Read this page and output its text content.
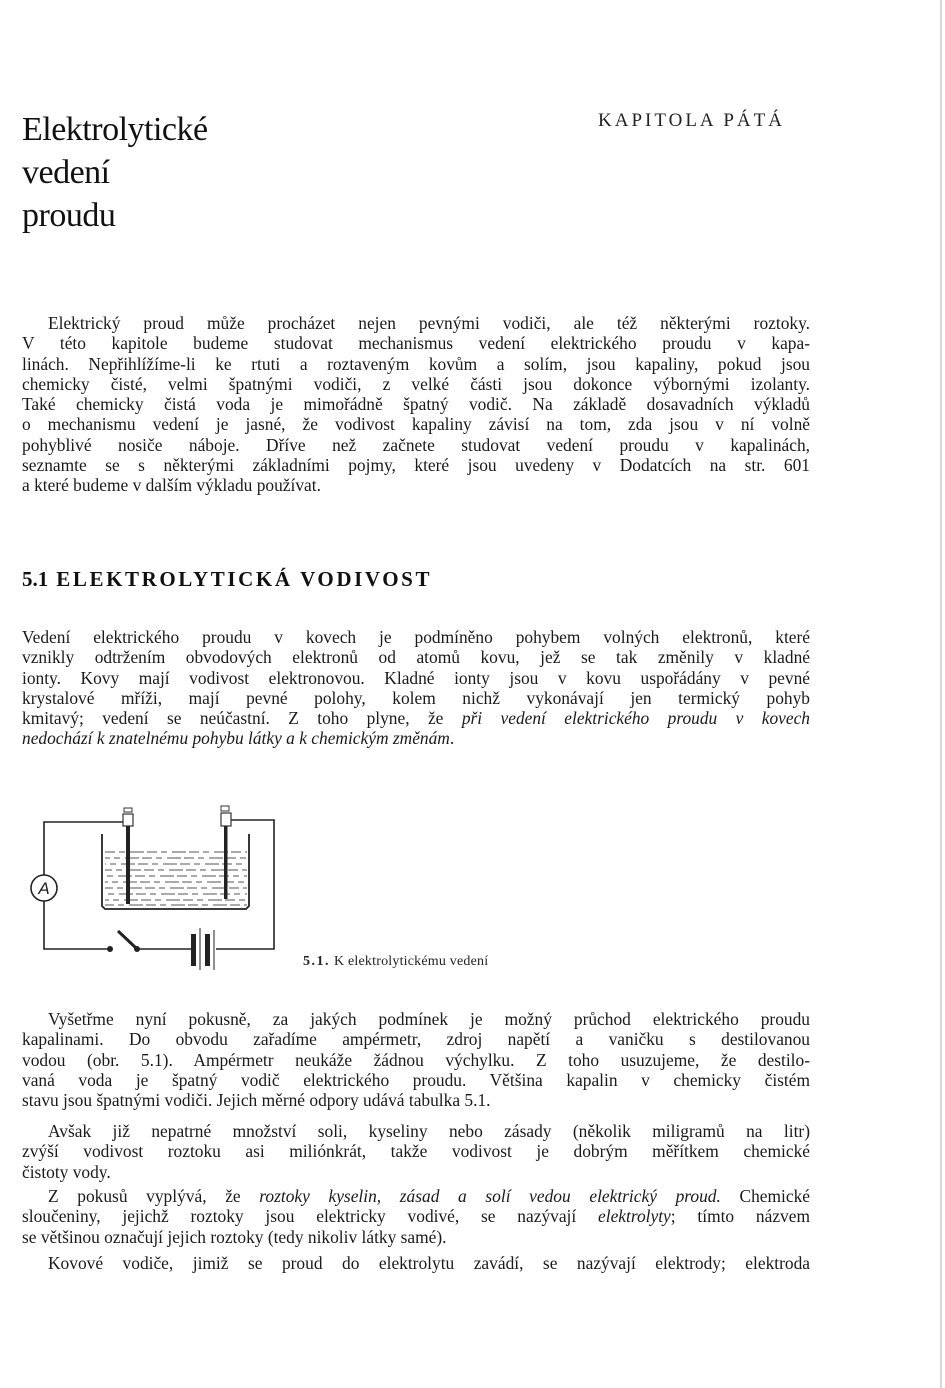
Elektrolytické
vedení
proudu
KAPITOLA PÁTÁ
Elektrický proud může procházet nejen pevnými vodiči, ale též některými roztoky.
V této kapitole budeme studovat mechanismus vedení elektrického proudu v kapa-
linách. Nepřihlížíme-li ke rtuti a roztaveným kovům a solím, jsou kapaliny, pokud jsou
chemicky čisté, velmi špatnými vodiči, z velké části jsou dokonce výbornými izolanty.
Také chemicky čistá voda je mimořádně špatný vodič. Na základě dosavadních výkladů
o mechanismu vedení je jasné, že vodivost kapaliny závisí na tom, zda jsou v ní volně
pohyblivé nosiče náboje. Dříve než začnete studovat vedení proudu v kapalinách,
seznamte se s některými základními pojmy, které jsou uvedeny v Dodatcích na str. 601
a které budeme v dalším výkladu používat.
5.1 ELEKTROLYTICKÁ VODIVOST
Vedení elektrického proudu v kovech je podmíněno pohybem volných elektronů, které
vznikly odtržením obvodových elektronů od atomů kovu, jež se tak změnily v kladné
ionty. Kovy mají vodivost elektronovou. Kladné ionty jsou v kovu uspořádány v pevné
krystalové mříži, mají pevné polohy, kolem nichž vykonávají jen termický pohyb
kmitavý; vedení se neúčastní. Z toho plyne, že při vedení elektrického proudu v kovech
nedochází k znatelnému pohybu látky a k chemickým změnám.
A
5.1. K elektrolytickému vedení
Vyšetřme nyní pokusně, za jakých podmínek je možný průchod elektrického proudu
kapalinami. Do obvodu zařadíme ampérmetr, zdroj napětí a vaničku s destilovanou
vodou (obr. 5.1). Ampérmetr neukáže žádnou výchylku. Z toho usuzujeme, že destilo-
vaná voda je špatný vodič elektrického proudu. Většina kapalin v chemicky čistém
stavu jsou špatnými vodiči. Jejich měrné odpory udává tabulka 5.1.
Avšak již nepatrné množství soli, kyseliny nebo zásady (několik miligramů na litr)
zvýší vodivost roztoku asi miliónkrát, takže vodivost je dobrým měřítkem chemické
čistoty vody.
Z pokusů vyplývá, že roztoky kyselin, zásad a solí vedou elektrický proud. Chemické
sloučeniny, jejichž roztoky jsou elektricky vodivé, se nazývají elektrolyty; tímto názvem
se většinou označují jejich roztoky (tedy nikoliv látky samé).
Kovové vodiče, jimiž se proud do elektrolytu zavádí, se nazývají elektrody; elektroda
